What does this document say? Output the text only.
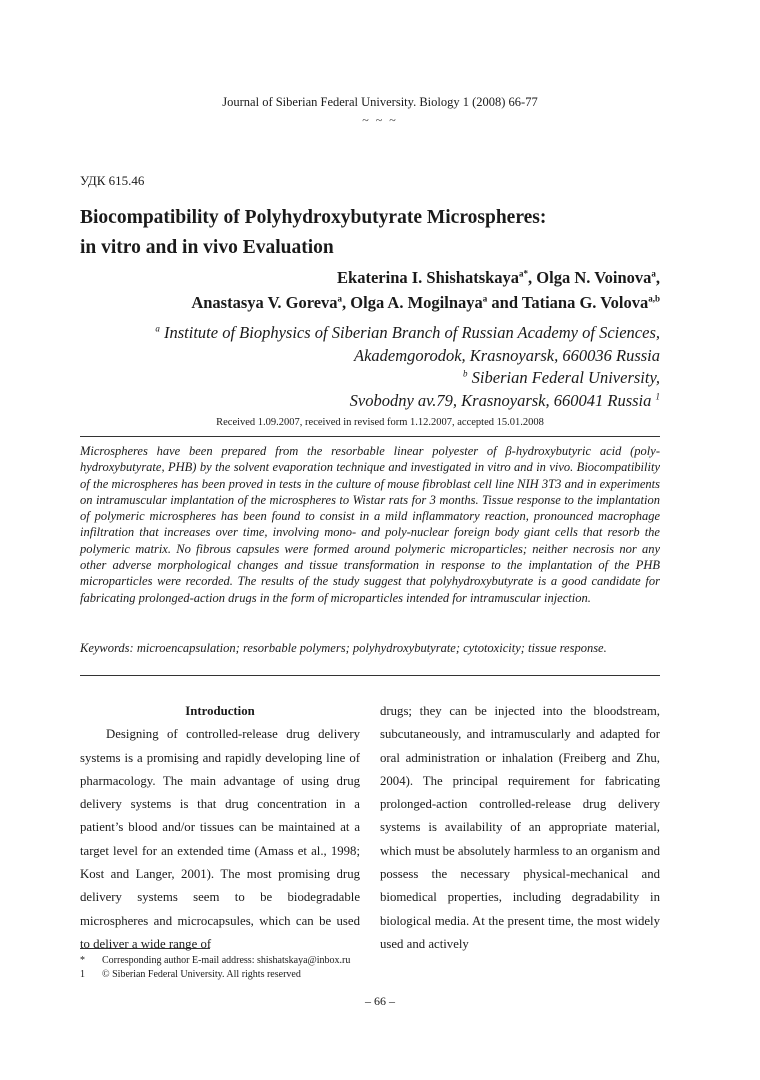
Journal of Siberian Federal University. Biology 1 (2008) 66-77
~ ~ ~
УДК 615.46
Biocompatibility of Polyhydroxybutyrate Microspheres:
in vitro and in vivo Evaluation
Ekaterina I. Shishatskaya$^{a*}$, Olga N. Voinova$^a$,
Anastasya V. Goreva$^a$, Olga A. Mogilnaya$^a$ and Tatiana G. Volova$^{a,b}$
$^a$ Institute of Biophysics of Siberian Branch of Russian Academy of Sciences,
Akademgorodok, Krasnoyarsk, 660036 Russia
$^b$ Siberian Federal University,
Svobodny av.79, Krasnoyarsk, 660041 Russia $^1$
Received 1.09.2007, received in revised form 1.12.2007, accepted 15.01.2008
Microspheres have been prepared from the resorbable linear polyester of β-hydroxybutyric acid (poly-hydroxybutyrate, PHB) by the solvent evaporation technique and investigated in vitro and in vivo. Biocompatibility of the microspheres has been proved in tests in the culture of mouse fibroblast cell line NIH 3T3 and in experiments on intramuscular implantation of the microspheres to Wistar rats for 3 months. Tissue response to the implantation of polymeric microspheres has been found to consist in a mild inflammatory reaction, pronounced macrophage infiltration that increases over time, involving mono- and poly-nuclear foreign body giant cells that resorb the polymeric matrix. No fibrous capsules were formed around polymeric microparticles; neither necrosis nor any other adverse morphological changes and tissue transformation in response to the implantation of the PHB microparticles were recorded. The results of the study suggest that polyhydroxybutyrate is a good candidate for fabricating prolonged-action drugs in the form of microparticles intended for intramuscular injection.
Keywords: microencapsulation; resorbable polymers; polyhydroxybutyrate; cytotoxicity; tissue response.

Introduction

Designing of controlled-release drug delivery systems is a promising and rapidly developing line of pharmacology. The main advantage of using drug delivery systems is that drug concentration in a patient’s blood and/or tissues can be maintained at a target level for an extended time (Amass et al., 1998; Kost and Langer, 2001). The most promising drug delivery systems seem to be biodegradable microspheres and microcapsules, which can be used to deliver a wide range of

drugs; they can be injected into the bloodstream, subcutaneously, and intramuscularly and adapted for oral administration or inhalation (Freiberg and Zhu, 2004). The principal requirement for fabricating prolonged-action controlled-release drug delivery systems is availability of an appropriate material, which must be absolutely harmless to an organism and possess the necessary physical-mechanical and biomedical properties, including degradability in biological media. At the present time, the most widely used and actively

* Corresponding author E-mail address: shishatskaya@inbox.ru
1 © Siberian Federal University. All rights reserved
– 66 –
